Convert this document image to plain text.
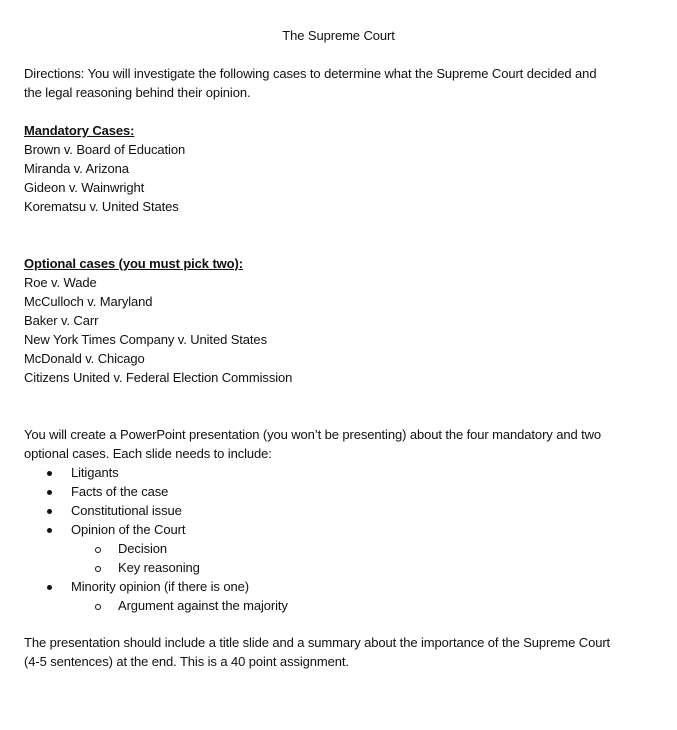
The Supreme Court
Directions: You will investigate the following cases to determine what the Supreme Court decided and
the legal reasoning behind their opinion.
Mandatory Cases:
Brown v. Board of Education
Miranda v. Arizona
Gideon v. Wainwright
Korematsu v. United States
Optional cases (you must pick two):
Roe v. Wade
McCulloch v. Maryland
Baker v. Carr
New York Times Company v. United States
McDonald v. Chicago
Citizens United v. Federal Election Commission
You will create a PowerPoint presentation (you won’t be presenting) about the four mandatory and two
optional cases. Each slide needs to include:
Litigants
Facts of the case
Constitutional issue
Opinion of the Court
Decision
Key reasoning
Minority opinion (if there is one)
Argument against the majority
The presentation should include a title slide and a summary about the importance of the Supreme Court
(4-5 sentences) at the end. This is a 40 point assignment.
